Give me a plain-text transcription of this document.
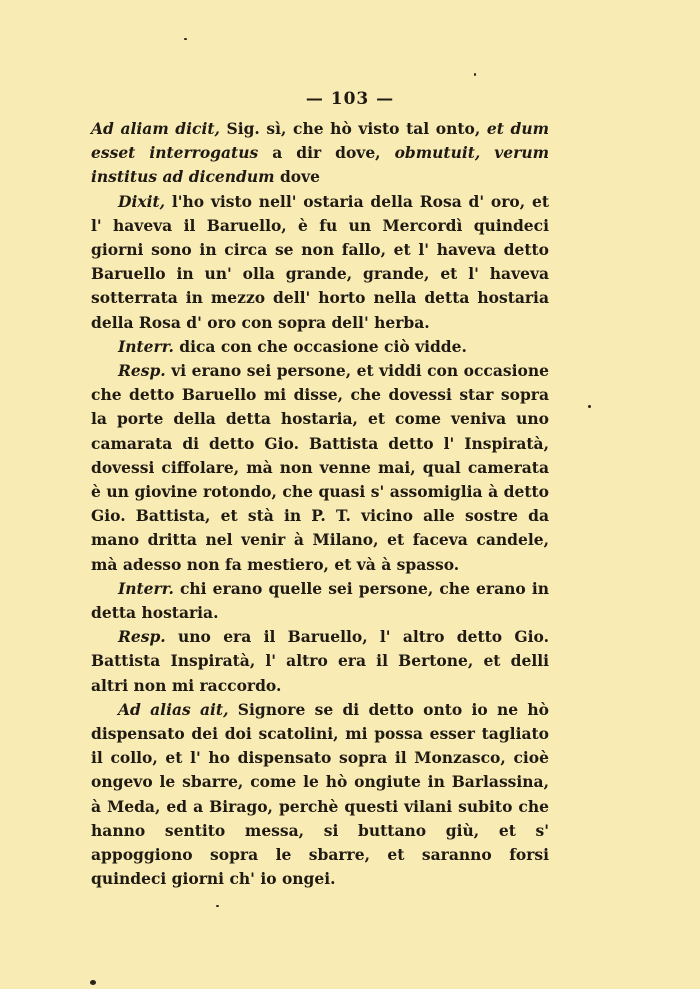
— 103 —

Ad aliam dicit, Sig. sì, che hò visto tal onto, et dum esset interrogatus a dir dove, obmutuit, verum institus ad dicendum dove

Dixit, l'ho visto nell' ostaria della Rosa d' oro, et l' haveva il Baruello, è fu un Mercordì quindeci giorni sono in circa se non fallo, et l' haveva detto Baruello in un' olla grande, grande, et l' haveva sotterrata in mezzo dell' horto nella detta hostaria della Rosa d' oro con sopra dell' herba.

Interr. dica con che occasione ciò vidde.

Resp. vi erano sei persone, et viddi con occasione che detto Baruello mi disse, che dovessi star sopra la porte della detta hostaria, et come veniva uno camarata di detto Gio. Battista detto l' Inspiratà, dovessi ciffolare, mà non venne mai, qual camerata è un giovine rotondo, che quasi s' assomiglia à detto Gio. Battista, et stà in P. T. vicino alle sostre da mano dritta nel venir à Milano, et faceva candele, mà adesso non fa mestiero, et và à spasso.

Interr. chi erano quelle sei persone, che erano in detta hostaria.

Resp. uno era il Baruello, l' altro detto Gio. Battista Inspiratà, l' altro era il Bertone, et delli altri non mi raccordo.

Ad alias ait, Signore se di detto onto io ne hò dispensato dei doi scatolini, mi possa esser tagliato il collo, et l' ho dispensato sopra il Monzasco, cioè ongevo le sbarre, come le hò ongiute in Barlassina, à Meda, ed a Birago, perchè questi vilani subito che hanno sentito messa, si buttano giù, et s' appoggiono sopra le sbarre, et saranno forsi quindeci giorni ch' io ongei.
